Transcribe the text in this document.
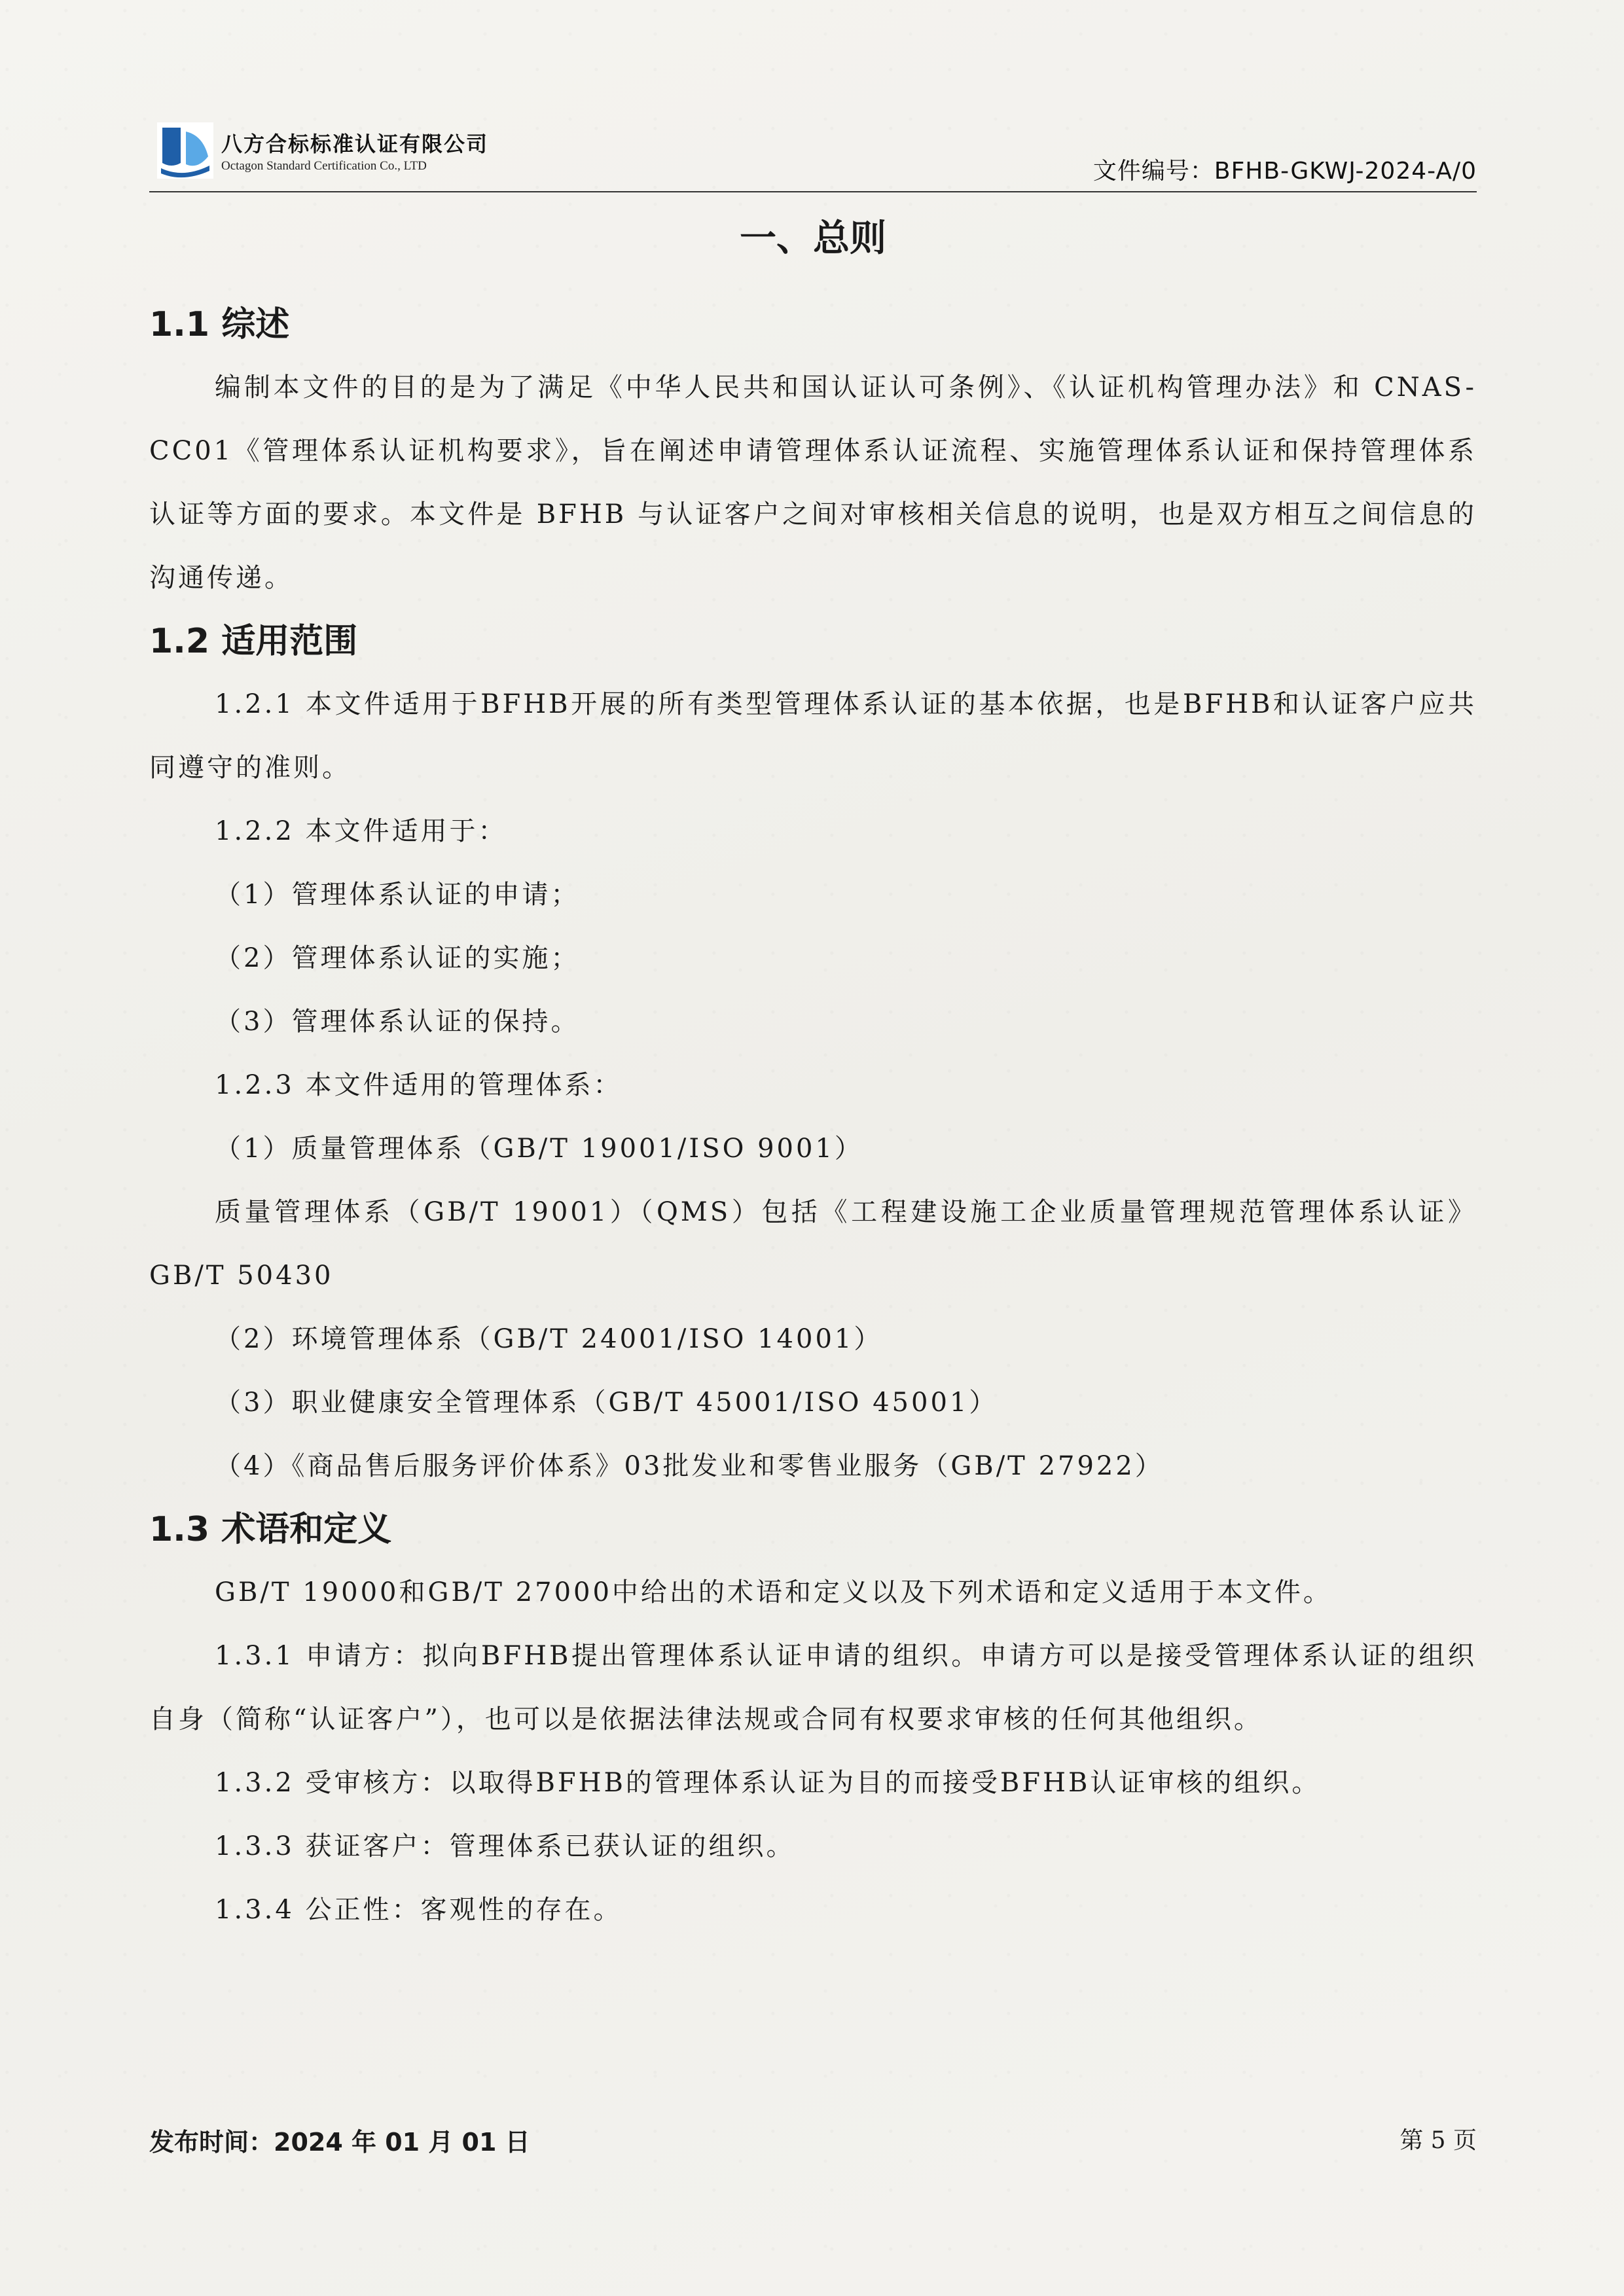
八方合标标准认证有限公司
Octagon Standard Certification Co., LTD	文件编号：BFHB-GKWJ-2024-A/0
一、总则
1.1 综述

编制本文件的目的是为了满足《中华人民共和国认证认可条例》、《认证机构管理办法》和 CNAS-CC01《管理体系认证机构要求》，旨在阐述申请管理体系认证流程、实施管理体系认证和保持管理体系认证等方面的要求。本文件是 BFHB 与认证客户之间对审核相关信息的说明，也是双方相互之间信息的沟通传递。

1.2 适用范围

1.2.1 本文件适用于BFHB开展的所有类型管理体系认证的基本依据，也是BFHB和认证客户应共同遵守的准则。

1.2.2 本文件适用于：

（1）管理体系认证的申请；

（2）管理体系认证的实施；

（3）管理体系认证的保持。

1.2.3 本文件适用的管理体系：

（1）质量管理体系（GB/T 19001/ISO 9001）

质量管理体系（GB/T 19001）（QMS）包括《工程建设施工企业质量管理规范管理体系认证》GB/T 50430

（2）环境管理体系（GB/T 24001/ISO 14001）

（3）职业健康安全管理体系（GB/T 45001/ISO 45001）

（4）《商品售后服务评价体系》03批发业和零售业服务（GB/T 27922）

1.3 术语和定义

GB/T 19000和GB/T 27000中给出的术语和定义以及下列术语和定义适用于本文件。

1.3.1 申请方：拟向BFHB提出管理体系认证申请的组织。申请方可以是接受管理体系认证的组织自身（简称“认证客户”），也可以是依据法律法规或合同有权要求审核的任何其他组织。

1.3.2 受审核方：以取得BFHB的管理体系认证为目的而接受BFHB认证审核的组织。

1.3.3 获证客户：管理体系已获认证的组织。

1.3.4 公正性：客观性的存在。

发布时间：2024 年 01 月 01 日	第 5 页
